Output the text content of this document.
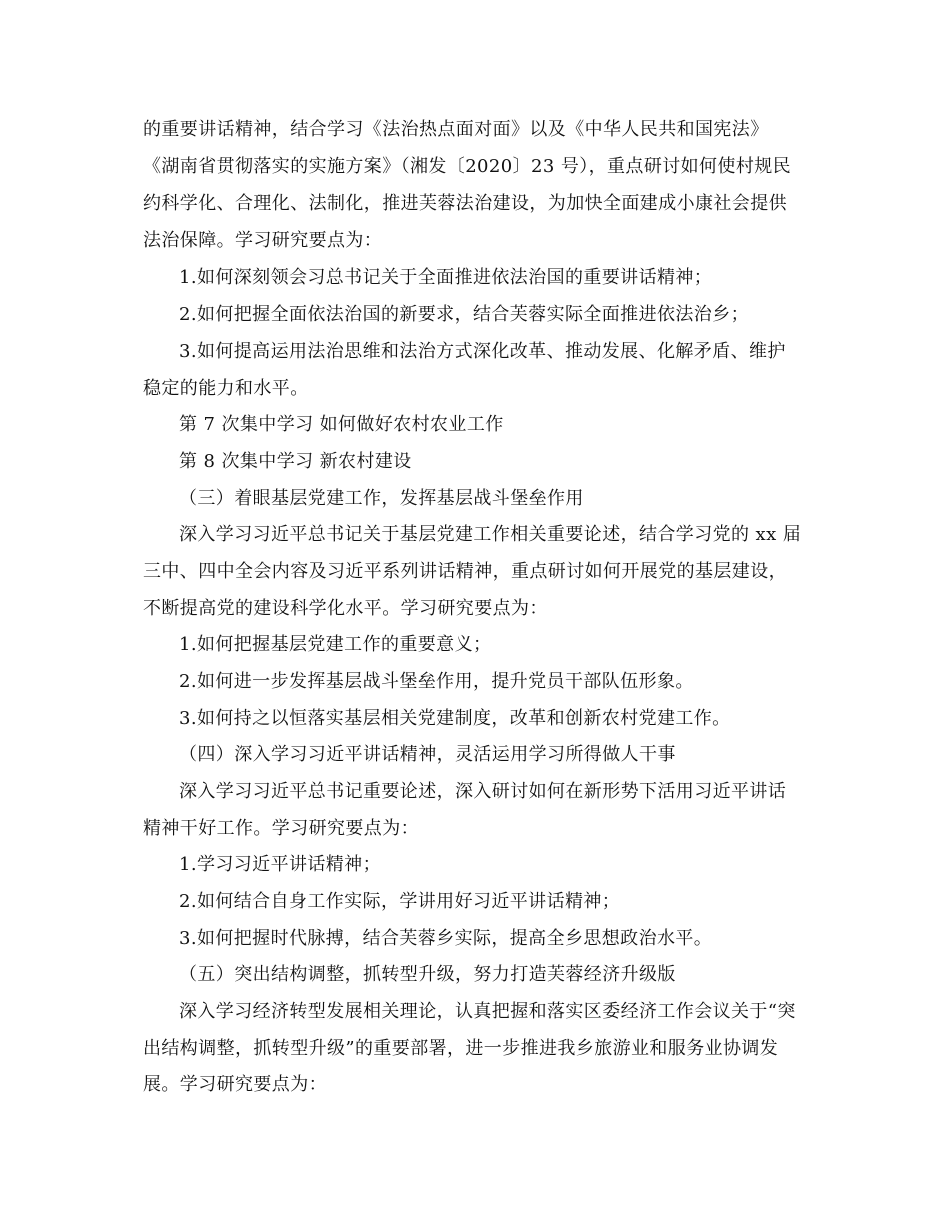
的重要讲话精神，结合学习《法治热点面对面》以及《中华人民共和国宪法》
《湖南省贯彻落实的实施方案》（湘发〔2020〕23 号），重点研讨如何使村规民
约科学化、合理化、法制化，推进芙蓉法治建设，为加快全面建成小康社会提供
法治保障。学习研究要点为：
1.如何深刻领会习总书记关于全面推进依法治国的重要讲话精神；
2.如何把握全面依法治国的新要求，结合芙蓉实际全面推进依法治乡；
3.如何提高运用法治思维和法治方式深化改革、推动发展、化解矛盾、维护
稳定的能力和水平。
第 7 次集中学习 如何做好农村农业工作
第 8 次集中学习 新农村建设
（三）着眼基层党建工作，发挥基层战斗堡垒作用
深入学习习近平总书记关于基层党建工作相关重要论述，结合学习党的 xx 届
三中、四中全会内容及习近平系列讲话精神，重点研讨如何开展党的基层建设，
不断提高党的建设科学化水平。学习研究要点为：
1.如何把握基层党建工作的重要意义；
2.如何进一步发挥基层战斗堡垒作用，提升党员干部队伍形象。
3.如何持之以恒落实基层相关党建制度，改革和创新农村党建工作。
（四）深入学习习近平讲话精神，灵活运用学习所得做人干事
深入学习习近平总书记重要论述，深入研讨如何在新形势下活用习近平讲话
精神干好工作。学习研究要点为：
1.学习习近平讲话精神；
2.如何结合自身工作实际，学讲用好习近平讲话精神；
3.如何把握时代脉搏，结合芙蓉乡实际，提高全乡思想政治水平。
（五）突出结构调整，抓转型升级，努力打造芙蓉经济升级版
深入学习经济转型发展相关理论，认真把握和落实区委经济工作会议关于“突
出结构调整，抓转型升级”的重要部署，进一步推进我乡旅游业和服务业协调发
展。学习研究要点为：
